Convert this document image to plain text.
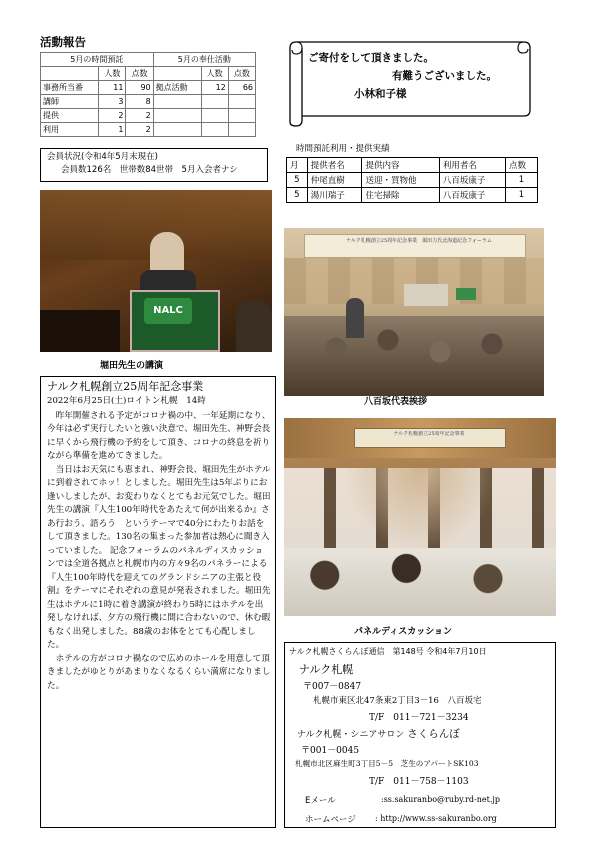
活動報告
5月の時間預託			5月の奉仕活動		
	人数	点数		人数	点数
事務所当番	11	90	拠点活動	12	66
講師	3	8			
提供	2	2			
利用	1	2			
会員状況(令和4年5月末現在)
会員数126名　世帯数84世帯　5月入会者ナシ
ご寄付をして頂きました。
有難うございました。
小林和子様
時間預託利用・提供実績
月	提供者名	提供内容	利用者名	点数
5	仲尾直樹	送迎・買物他	八百坂康子	1
5	湯川瑞子	住宅掃除	八百坂康子	1
NALC
堀田先生の講演
ナルク札幌創立25周年記念事業　堀田力氏北海道記念フォーラム
八百坂代表挨拶
ナルク札幌創立25周年記念事業
パネルディスカッション
ナルク札幌創立25周年記念事業
2022年6月25日(土)ロイトン札幌　14時

昨年開催される予定がコロナ禍の中、一年延期になり、今年は必ず実行したいと強い決意で、堀田先生、神野会長に早くから飛行機の予約をして頂き、コロナの終息を祈りながら準備を進めてきました。

当日はお天気にも恵まれ、神野会長、堀田先生がホテルに到着されてホッ！としました。堀田先生は5年ぶりにお逢いしましたが、お変わりなくとてもお元気でした。堀田先生の講演『人生100年時代をあたえて何が出来るか』さあ行おう、語ろう　というテーマで40分にわたりお話をして頂きました。130名の集まった参加者は熱心に聞き入っていました。 記念フォーラムのパネルディスカッションでは全道各拠点と札幌市内の方々9名のパネラーによる『人生100年時代を迎えてのグランドシニアの主張と役割』をテーマにそれぞれの意見が発表されました。堀田先生はホテルに1時に着き講演が終わり5時にはホテルを出発しなければ、夕方の飛行機に間に合わないので、休む暇もなく出発しました。88歳のお体をとても心配しました。

ホテルの方がコロナ禍なので広めのホールを用意して頂きましたがゆとりがあまりなくなるくらい満席になりました。

ナルク札幌さくらんぼ通信　第148号 令和4年7月10日
ナルク札幌
〒007－0847
札幌市東区北47条東2丁目3－16　八百坂宅
T/F　011－721－3234
ナルク札幌・シニアサロン さくらんぼ
〒001－0045
札幌市北区麻生町3丁目5－5　芝生のアパートSK103
T/F　011－758－1103
Eメール	:ss.sakuranbo@ruby.rd-net.jp
ホームページ : http://www.ss-sakuranbo.org
